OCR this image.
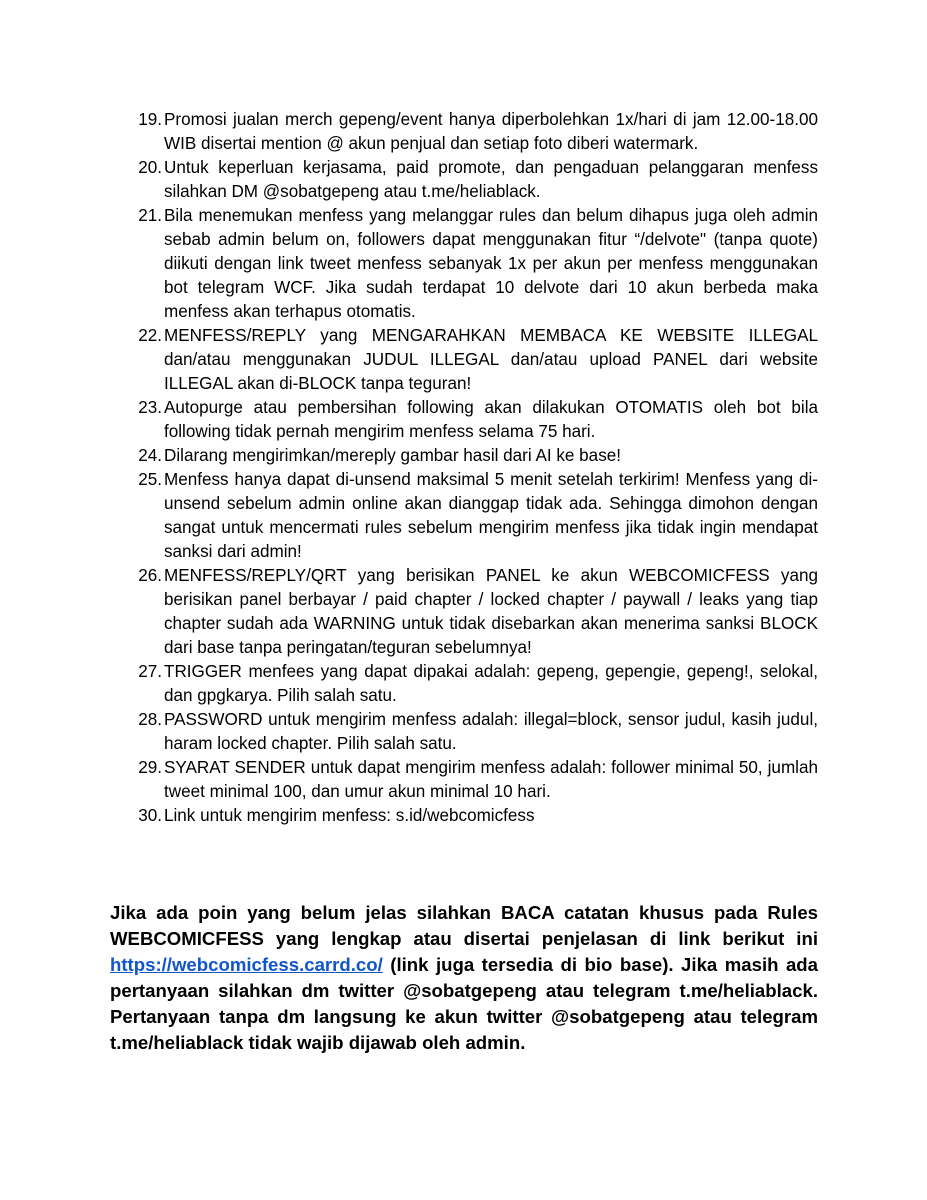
19. Promosi jualan merch gepeng/event hanya diperbolehkan 1x/hari di jam 12.00-18.00 WIB disertai mention @ akun penjual dan setiap foto diberi watermark.
20. Untuk keperluan kerjasama, paid promote, dan pengaduan pelanggaran menfess silahkan DM @sobatgepeng atau t.me/heliablack.
21. Bila menemukan menfess yang melanggar rules dan belum dihapus juga oleh admin sebab admin belum on, followers dapat menggunakan fitur “/delvote" (tanpa quote) diikuti dengan link tweet menfess sebanyak 1x per akun per menfess menggunakan bot telegram WCF. Jika sudah terdapat 10 delvote dari 10 akun berbeda maka menfess akan terhapus otomatis.
22. MENFESS/REPLY yang MENGARAHKAN MEMBACA KE WEBSITE ILLEGAL dan/atau menggunakan JUDUL ILLEGAL dan/atau upload PANEL dari website ILLEGAL akan di-BLOCK tanpa teguran!
23. Autopurge atau pembersihan following akan dilakukan OTOMATIS oleh bot bila following tidak pernah mengirim menfess selama 75 hari.
24. Dilarang mengirimkan/mereply gambar hasil dari AI ke base!
25. Menfess hanya dapat di-unsend maksimal 5 menit setelah terkirim! Menfess yang di-unsend sebelum admin online akan dianggap tidak ada. Sehingga dimohon dengan sangat untuk mencermati rules sebelum mengirim menfess jika tidak ingin mendapat sanksi dari admin!
26. MENFESS/REPLY/QRT yang berisikan PANEL ke akun WEBCOMICFESS yang berisikan panel berbayar / paid chapter / locked chapter / paywall / leaks yang tiap chapter sudah ada WARNING untuk tidak disebarkan akan menerima sanksi BLOCK dari base tanpa peringatan/teguran sebelumnya!
27. TRIGGER menfees yang dapat dipakai adalah: gepeng, gepengie, gepeng!, selokal, dan gpgkarya. Pilih salah satu.
28. PASSWORD untuk mengirim menfess adalah: illegal=block, sensor judul, kasih judul, haram locked chapter. Pilih salah satu.
29. SYARAT SENDER untuk dapat mengirim menfess adalah: follower minimal 50, jumlah tweet minimal 100, dan umur akun minimal 10 hari.
30. Link untuk mengirim menfess: s.id/webcomicfess

Jika ada poin yang belum jelas silahkan BACA catatan khusus pada Rules WEBCOMICFESS yang lengkap atau disertai penjelasan di link berikut ini https://webcomicfess.carrd.co/ (link juga tersedia di bio base). Jika masih ada pertanyaan silahkan dm twitter @sobatgepeng atau telegram t.me/heliablack. Pertanyaan tanpa dm langsung ke akun twitter @sobatgepeng atau telegram t.me/heliablack tidak wajib dijawab oleh admin.
